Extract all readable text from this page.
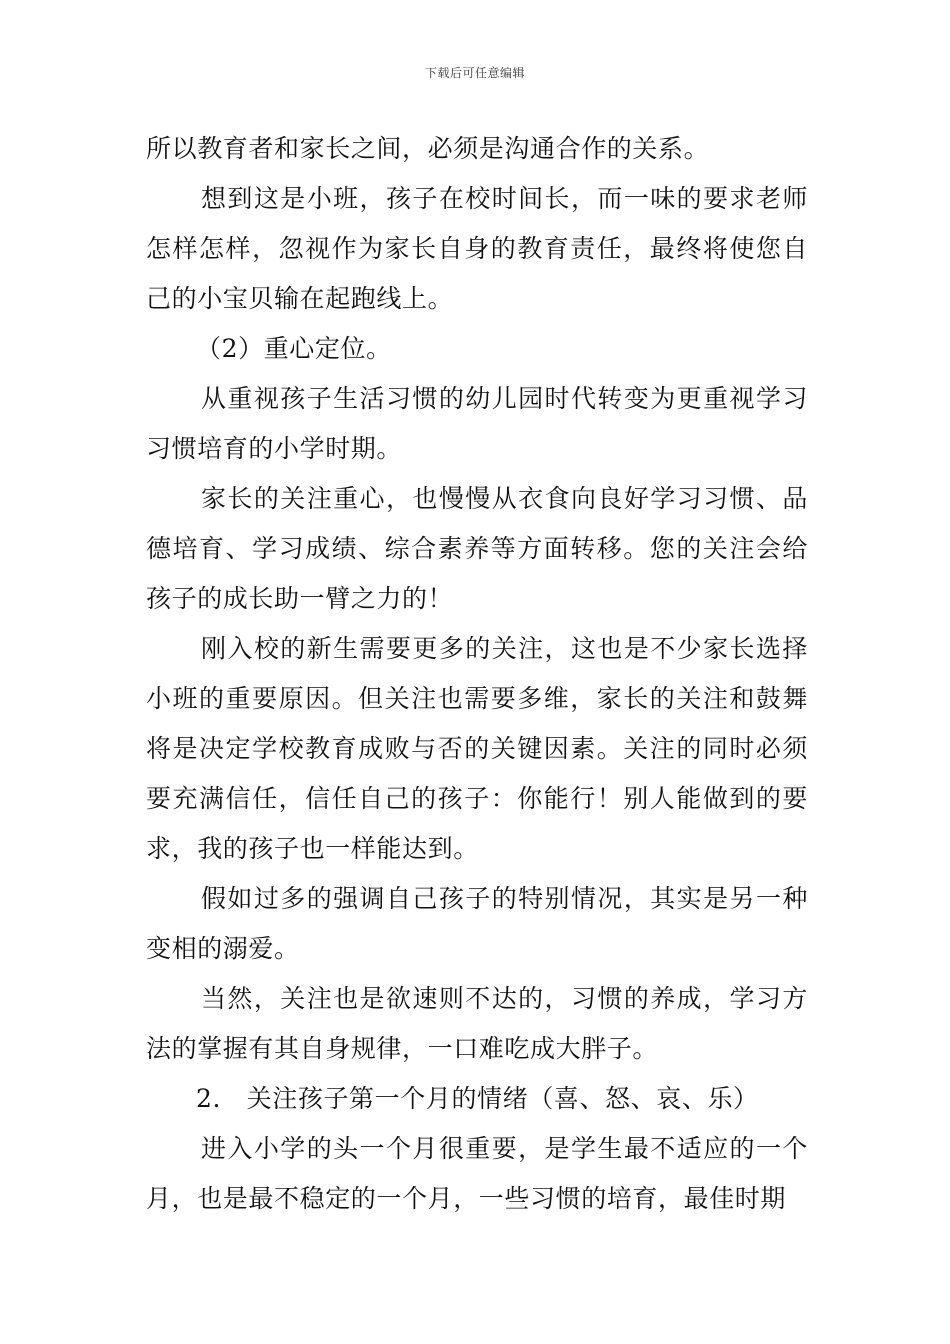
下载后可任意编辑

所以教育者和家长之间，必须是沟通合作的关系。

想到这是小班，孩子在校时间长，而一味的要求老师怎样怎样，忽视作为家长自身的教育责任，最终将使您自己的小宝贝输在起跑线上。

（2）重心定位。

从重视孩子生活习惯的幼儿园时代转变为更重视学习习惯培育的小学时期。

家长的关注重心，也慢慢从衣食向良好学习习惯、品德培育、学习成绩、综合素养等方面转移。您的关注会给孩子的成长助一臂之力的！

刚入校的新生需要更多的关注，这也是不少家长选择小班的重要原因。但关注也需要多维，家长的关注和鼓舞将是决定学校教育成败与否的关键因素。关注的同时必须要充满信任，信任自己的孩子：你能行！别人能做到的要求，我的孩子也一样能达到。

假如过多的强调自己孩子的特别情况，其实是另一种变相的溺爱。

当然，关注也是欲速则不达的，习惯的养成，学习方法的掌握有其自身规律，一口难吃成大胖子。

2.　关注孩子第一个月的情绪（喜、怒、哀、乐）

进入小学的头一个月很重要，是学生最不适应的一个月，也是最不稳定的一个月，一些习惯的培育，最佳时期
